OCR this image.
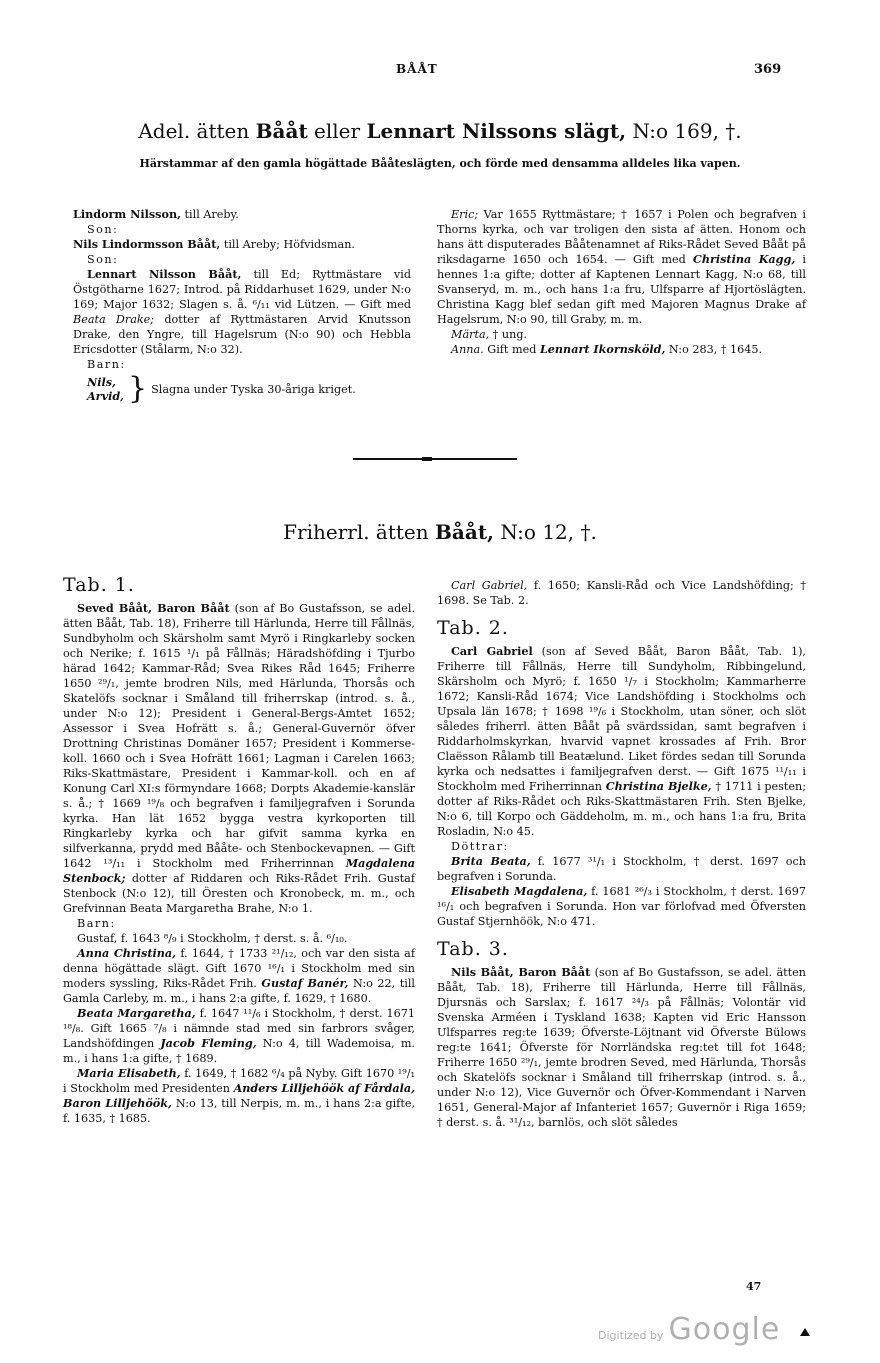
BÅÅT	369
Adel. ätten Bååt eller Lennart Nilssons slägt, N:o 169, †.
Härstammar af den gamla högättade Bååteslägten, och förde med densamma alldeles lika vapen.

Lindorm Nilsson, till Areby.

Son:

Nils Lindormsson Bååt, till Areby; Höfvidsman.

Son:

Lennart Nilsson Bååt, till Ed; Ryttmästare vid Östgötharne 1627; Introd. på Riddarhuset 1629, under N:o 169; Major 1632; Slagen s. å. ⁶/₁₁ vid Lützen. — Gift med Beata Drake; dotter af Ryttmästaren Arvid Knutsson Drake, den Yngre, till Hagelsrum (N:o 90) och Hebbla Ericsdotter (Stålarm, N:o 32).

Barn:

Nils,
Arvid, } Slagna under Tyska 30-åriga kriget.

Eric; Var 1655 Ryttmästare; † 1657 i Polen och begrafven i Thorns kyrka, och var troligen den sista af ätten. Honom och hans ätt disputerades Bååtenamnet af Riks-Rådet Seved Bååt på riksdagarne 1650 och 1654. — Gift med Christina Kagg, i hennes 1:a gifte; dotter af Kaptenen Lennart Kagg, N:o 68, till Svanseryd, m. m., och hans 1:a fru, Ulfsparre af Hjortöslägten. Christina Kagg blef sedan gift med Majoren Magnus Drake af Hagelsrum, N:o 90, till Graby, m. m.

Märta, † ung.

Anna. Gift med Lennart Ikornsköld, N:o 283, † 1645.

Friherrl. ätten Bååt, N:o 12, †.

Tab. 1.

Seved Bååt, Baron Bååt (son af Bo Gustafsson, se adel. ätten Bååt, Tab. 18), Friherre till Härlunda, Herre till Fållnäs, Sundbyholm och Skärsholm samt Myrö i Ringkarleby socken och Nerike; f. 1615 ¹/₁ på Fållnäs; Häradshöfding i Tjurbo härad 1642; Kammar-Råd; Svea Rikes Råd 1645; Friherre 1650 ²⁹/₁, jemte brodren Nils, med Härlunda, Thorsås och Skatelöfs socknar i Småland till friherrskap (introd. s. å., under N:o 12); President i General-Bergs-Amtet 1652; Assessor i Svea Hofrätt s. å.; General-Guvernör öfver Drottning Christinas Domäner 1657; President i Kommerse-koll. 1660 och i Svea Hofrätt 1661; Lagman i Carelen 1663; Riks-Skattmästare, President i Kammar-koll. och en af Konung Carl XI:s förmyndare 1668; Dorpts Akademie-kanslär s. å.; † 1669 ¹⁹/₈ och begrafven i familjegrafven i Sorunda kyrka. Han lät 1652 bygga vestra kyrkoporten till Ringkarleby kyrka och har gifvit samma kyrka en silfverkanna, prydd med Bååte- och Stenbockevapnen. — Gift 1642 ¹³/₁₁ i Stockholm med Friherrinnan Magdalena Stenbock; dotter af Riddaren och Riks-Rådet Frih. Gustaf Stenbock (N:o 12), till Öresten och Kronobeck, m. m., och Grefvinnan Beata Margaretha Brahe, N:o 1.

Barn:

Gustaf, f. 1643 ⁸/₉ i Stockholm, † derst. s. å. ⁶/₁₀.

Anna Christina, f. 1644, † 1733 ²¹/₁₂, och var den sista af denna högättade slägt. Gift 1670 ¹⁶/₁ i Stockholm med sin moders syssling, Riks-Rådet Frih. Gustaf Banér, N:o 22, till Gamla Carleby, m. m., i hans 2:a gifte, f. 1629, † 1680.

Beata Margaretha, f. 1647 ¹¹/₆ i Stockholm, † derst. 1671 ¹⁸/₈. Gift 1665 ⁷/₈ i nämnde stad med sin farbrors svåger, Landshöfdingen Jacob Fleming, N:o 4, till Wademoisa, m. m., i hans 1:a gifte, † 1689.

Maria Elisabeth, f. 1649, † 1682 ⁶/₄ på Nyby. Gift 1670 ¹⁹/₁ i Stockholm med Presidenten Anders Lilljehöök af Fårdala, Baron Lilljehöök, N:o 13, till Nerpis, m. m., i hans 2:a gifte, f. 1635, † 1685.

Carl Gabriel, f. 1650; Kansli-Råd och Vice Landshöfding; † 1698. Se Tab. 2.

Tab. 2.

Carl Gabriel (son af Seved Bååt, Baron Bååt, Tab. 1), Friherre till Fållnäs, Herre till Sundyholm, Ribbingelund, Skärsholm och Myrö; f. 1650 ¹/₇ i Stockholm; Kammarherre 1672; Kansli-Råd 1674; Vice Landshöfding i Stockholms och Upsala län 1678; † 1698 ¹⁹/₆ i Stockholm, utan söner, och slöt således friherrl. ätten Bååt på svärdssidan, samt begrafven i Riddarholmskyrkan, hvarvid vapnet krossades af Frih. Bror Claësson Rålamb till Beatælund. Liket fördes sedan till Sorunda kyrka och nedsattes i familjegrafven derst. — Gift 1675 ¹¹/₁₁ i Stockholm med Friherrinnan Christina Bjelke, † 1711 i pesten; dotter af Riks-Rådet och Riks-Skattmästaren Frih. Sten Bjelke, N:o 6, till Korpo och Gäddeholm, m. m., och hans 1:a fru, Brita Rosladin, N:o 45.

Döttrar:

Brita Beata, f. 1677 ³¹/₁ i Stockholm, † derst. 1697 och begrafven i Sorunda.

Elisabeth Magdalena, f. 1681 ²⁶/₃ i Stockholm, † derst. 1697 ¹⁶/₁ och begrafven i Sorunda. Hon var förlofvad med Öfversten Gustaf Stjernhöök, N:o 471.

Tab. 3.

Nils Bååt, Baron Bååt (son af Bo Gustafsson, se adel. ätten Bååt, Tab. 18), Friherre till Härlunda, Herre till Fållnäs, Djursnäs och Sarslax; f. 1617 ²⁴/₃ på Fållnäs; Volontär vid Svenska Arméen i Tyskland 1638; Kapten vid Eric Hansson Ulfsparres reg:te 1639; Öfverste-Löjtnant vid Öfverste Bülows reg:te 1641; Öfverste för Norrländska reg:tet till fot 1648; Friherre 1650 ²⁹/₁, jemte brodren Seved, med Härlunda, Thorsås och Skatelöfs socknar i Småland till friherrskap (introd. s. å., under N:o 12), Vice Guvernör och Öfver-Kommendant i Narven 1651, General-Major af Infanteriet 1657; Guvernör i Riga 1659; † derst. s. å. ³¹/₁₂, barnlös, och slöt således

47
Digitized by Google
